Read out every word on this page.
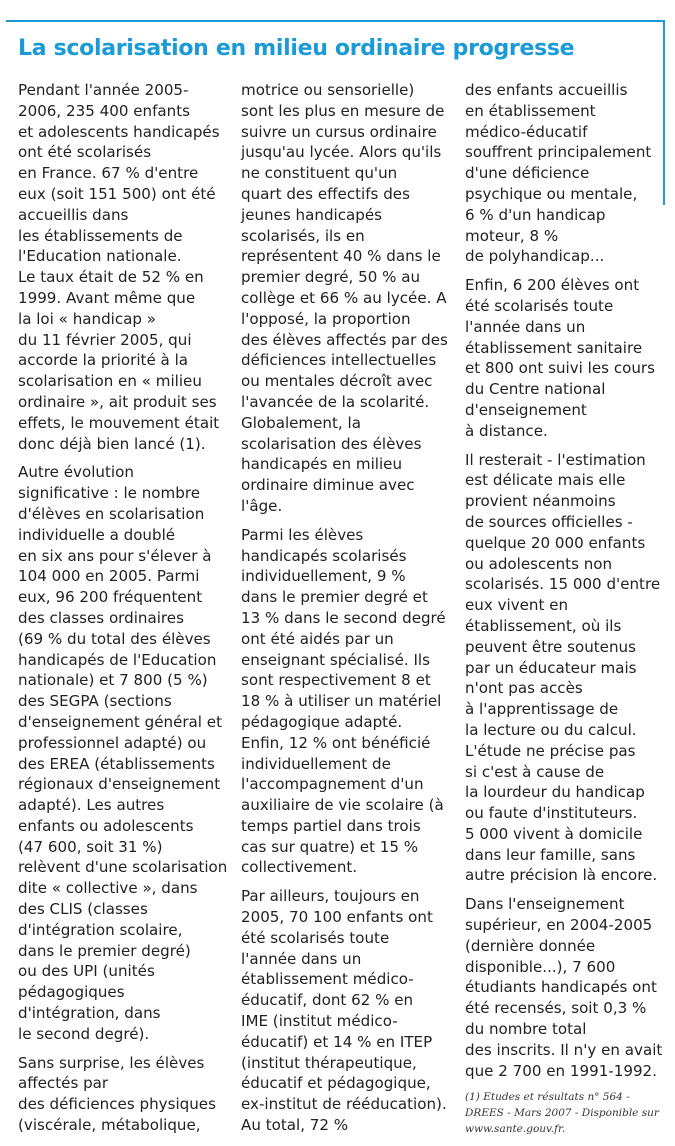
La scolarisation en milieu ordinaire progresse

Pendant l'année 2005-
2006, 235 400 enfants
et adolescents handicapés
ont été scolarisés
en France. 67 % d'entre
eux (soit 151 500) ont été
accueillis dans
les établissements de
l'Education nationale.
Le taux était de 52 % en
1999. Avant même que
la loi « handicap »
du 11 février 2005, qui
accorde la priorité à la
scolarisation en « milieu
ordinaire », ait produit ses
effets, le mouvement était
donc déjà bien lancé (1).

Autre évolution
significative : le nombre
d'élèves en scolarisation
individuelle a doublé
en six ans pour s'élever à
104 000 en 2005. Parmi
eux, 96 200 fréquentent
des classes ordinaires
(69 % du total des élèves
handicapés de l'Education
nationale) et 7 800 (5 %)
des SEGPA (sections
d'enseignement général et
professionnel adapté) ou
des EREA (établissements
régionaux d'enseignement
adapté). Les autres
enfants ou adolescents
(47 600, soit 31 %)
relèvent d'une scolarisation
dite « collective », dans
des CLIS (classes
d'intégration scolaire,
dans le premier degré)
ou des UPI (unités
pédagogiques
d'intégration, dans
le second degré).

Sans surprise, les élèves
affectés par
des déficiences physiques
(viscérale, métabolique,

motrice ou sensorielle)
sont les plus en mesure de
suivre un cursus ordinaire
jusqu'au lycée. Alors qu'ils
ne constituent qu'un
quart des effectifs des
jeunes handicapés
scolarisés, ils en
représentent 40 % dans le
premier degré, 50 % au
collège et 66 % au lycée. A
l'opposé, la proportion
des élèves affectés par des
déficiences intellectuelles
ou mentales décroît avec
l'avancée de la scolarité.
Globalement, la
scolarisation des élèves
handicapés en milieu
ordinaire diminue avec
l'âge.

Parmi les élèves
handicapés scolarisés
individuellement, 9 %
dans le premier degré et
13 % dans le second degré
ont été aidés par un
enseignant spécialisé. Ils
sont respectivement 8 et
18 % à utiliser un matériel
pédagogique adapté.
Enfin, 12 % ont bénéficié
individuellement de
l'accompagnement d'un
auxiliaire de vie scolaire (à
temps partiel dans trois
cas sur quatre) et 15 %
collectivement.

Par ailleurs, toujours en
2005, 70 100 enfants ont
été scolarisés toute
l'année dans un
établissement médico-
éducatif, dont 62 % en
IME (institut médico-
éducatif) et 14 % en ITEP
(institut thérapeutique,
éducatif et pédagogique,
ex-institut de rééducation).
Au total, 72 %

des enfants accueillis
en établissement
médico-éducatif
souffrent principalement
d'une déficience
psychique ou mentale,
6 % d'un handicap
moteur, 8 %
de polyhandicap...

Enfin, 6 200 élèves ont
été scolarisés toute
l'année dans un
établissement sanitaire
et 800 ont suivi les cours
du Centre national
d'enseignement
à distance.

Il resterait - l'estimation
est délicate mais elle
provient néanmoins
de sources officielles -
quelque 20 000 enfants
ou adolescents non
scolarisés. 15 000 d'entre
eux vivent en
établissement, où ils
peuvent être soutenus
par un éducateur mais
n'ont pas accès
à l'apprentissage de
la lecture ou du calcul.
L'étude ne précise pas
si c'est à cause de
la lourdeur du handicap
ou faute d'instituteurs.
5 000 vivent à domicile
dans leur famille, sans
autre précision là encore.

Dans l'enseignement
supérieur, en 2004-2005
(dernière donnée
disponible...), 7 600
étudiants handicapés ont
été recensés, soit 0,3 %
du nombre total
des inscrits. Il n'y en avait
que 2 700 en 1991-1992.

(1) Etudes et résultats n° 564 -
DREES - Mars 2007 - Disponible sur
www.sante.gouv.fr.
